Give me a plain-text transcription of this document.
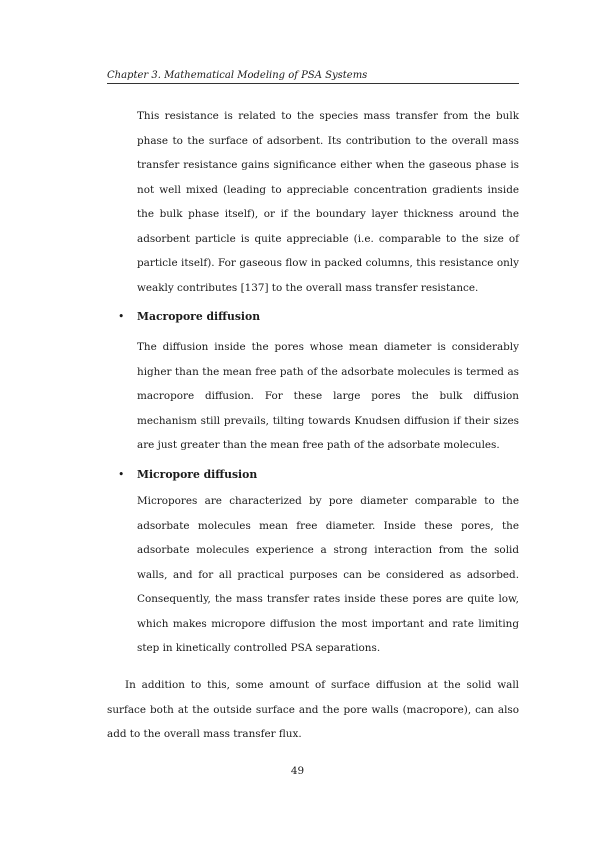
Chapter 3. Mathematical Modeling of PSA Systems

This resistance is related to the species mass transfer from the bulk phase to the surface of adsorbent. Its contribution to the overall mass transfer resistance gains significance either when the gaseous phase is not well mixed (leading to appreciable concentration gradients inside the bulk phase itself), or if the boundary layer thickness around the adsorbent particle is quite appreciable (i.e. comparable to the size of particle itself). For gaseous flow in packed columns, this resistance only weakly contributes [137] to the overall mass transfer resistance.

• Macropore diffusion

The diffusion inside the pores whose mean diameter is considerably higher than the mean free path of the adsorbate molecules is termed as macropore diffusion. For these large pores the bulk diffusion mechanism still prevails, tilting towards Knudsen diffusion if their sizes are just greater than the mean free path of the adsorbate molecules.

• Micropore diffusion

Micropores are characterized by pore diameter comparable to the adsorbate molecules mean free diameter. Inside these pores, the adsorbate molecules experience a strong interaction from the solid walls, and for all practical purposes can be considered as adsorbed. Consequently, the mass transfer rates inside these pores are quite low, which makes micropore diffusion the most important and rate limiting step in kinetically controlled PSA separations.

In addition to this, some amount of surface diffusion at the solid wall surface both at the outside surface and the pore walls (macropore), can also add to the overall mass transfer flux.

49
